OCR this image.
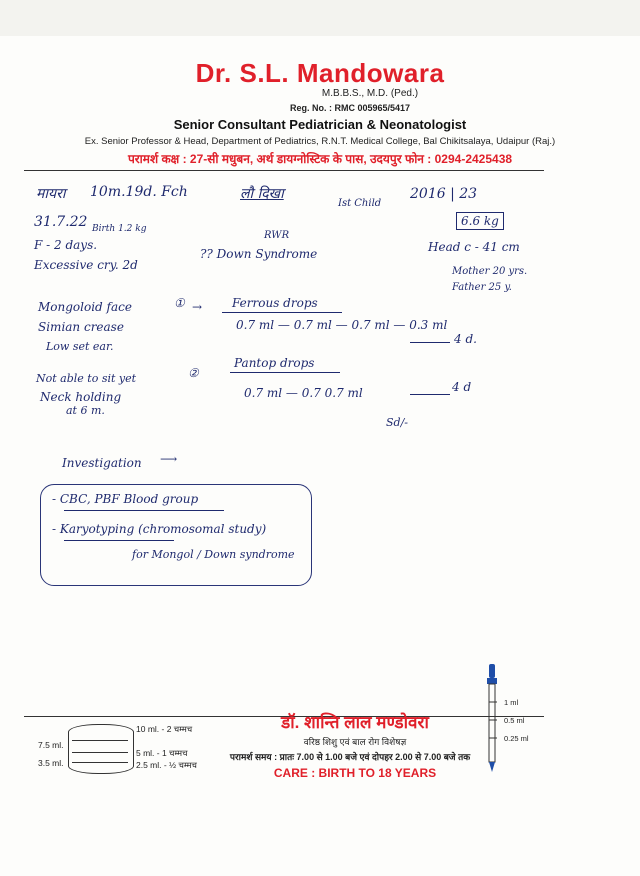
Dr. S.L. Mandowara
M.B.B.S., M.D. (Ped.)
Reg. No. : RMC 005965/5417
Senior Consultant Pediatrician & Neonatologist
Ex. Senior Professor & Head, Department of Pediatrics, R.N.T. Medical College, Bal Chikitsalaya, Udaipur (Raj.)
परामर्श कक्ष : 27-सी मधुबन, अर्थ डायग्नोस्टिक के पास, उदयपुर फोन : 0294-2425438
मायरा 10m.19d. Fch	लौ दिखा
Ist Child
2016 | 23
6.6 kg
31.7.22 Birth 1.2 kg
F - 2 days.
Excessive cry. 2d
RWR
?? Down Syndrome	Head c - 41 cm
Mother 20 yrs.
Father 25 y.
Mongoloid face
Simian crease
Low set ear.
Not able to sit yet
Neck holding
at 6 m.
① → Ferrous drops
0.7 ml — 0.7 ml — 0.7 ml — 0.3 ml
4 d.
②
Pantop drops
0.7 ml — 0.7 0.7 ml	4 d
Sd/-
Investigation ⟶
- CBC, PBF Blood group
- Karyotyping (chromosomal study)
for Mongol / Down syndrome
10 ml. - 2 चम्मच
7.5 ml.
5 ml. - 1 चम्मच
3.5 ml.	2.5 ml. - ½ चम्मच
डॉ. शान्ति लाल मण्डोवरा
वरिष्ठ शिशु एवं बाल रोग विशेषज्ञ
परामर्श समय : प्रातः 7.00 से 1.00 बजे एवं दोपहर 2.00 से 7.00 बजे तक
CARE : BIRTH TO 18 YEARS
1 ml
0.5 ml
0.25 ml
